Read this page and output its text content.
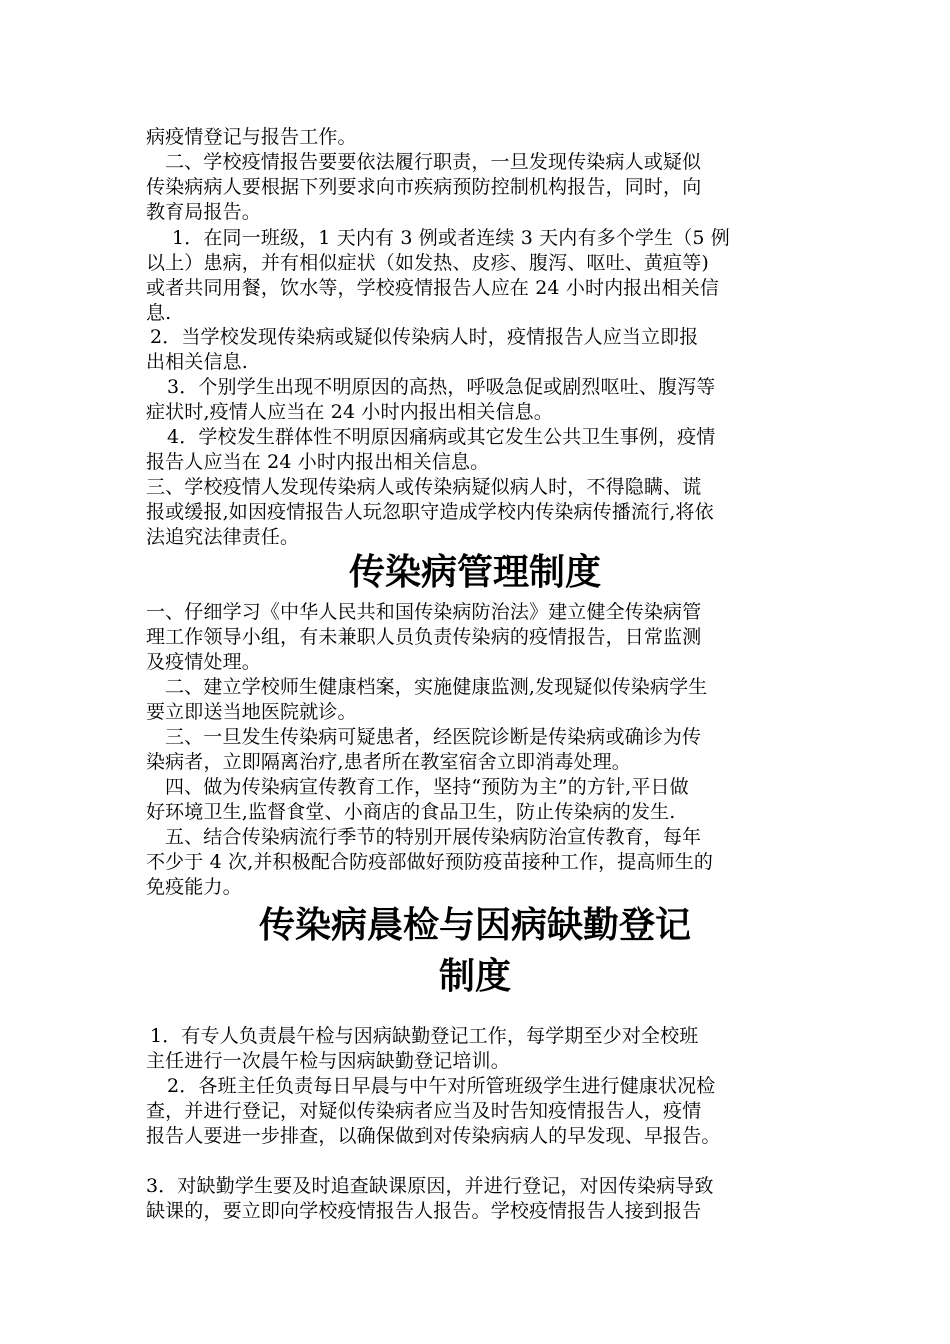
病疫情登记与报告工作。
二、学校疫情报告要要依法履行职责，一旦发现传染病人或疑似
传染病病人要根据下列要求向市疾病预防控制机构报告，同时，向
教育局报告。
1．在同一班级，1 天内有 3 例或者连续 3 天内有多个学生（5 例
以上）患病，并有相似症状（如发热、皮疹、腹泻、呕吐、黄疸等)
或者共同用餐，饮水等，学校疫情报告人应在 24 小时内报出相关信
息.
2．当学校发现传染病或疑似传染病人时，疫情报告人应当立即报
出相关信息.
3．个别学生出现不明原因的高热，呼吸急促或剧烈呕吐、腹泻等
症状时,疫情人应当在 24 小时内报出相关信息。
4．学校发生群体性不明原因痛病或其它发生公共卫生事例，疫情
报告人应当在 24 小时内报出相关信息。
三、学校疫情人发现传染病人或传染病疑似病人时，不得隐瞒、谎
报或缓报,如因疫情报告人玩忽职守造成学校内传染病传播流行,将依
法追究法律责任。
传染病管理制度
一、仔细学习《中华人民共和国传染病防治法》建立健全传染病管
理工作领导小组，有未兼职人员负责传染病的疫情报告，日常监测
及疫情处理。
二、建立学校师生健康档案，实施健康监测,发现疑似传染病学生
要立即送当地医院就诊。
三、一旦发生传染病可疑患者，经医院诊断是传染病或确诊为传
染病者，立即隔离治疗,患者所在教室宿舍立即消毒处理。
四、做为传染病宣传教育工作，坚持“预防为主”的方针,平日做
好环境卫生,监督食堂、小商店的食品卫生，防止传染病的发生.
五、结合传染病流行季节的特别开展传染病防治宣传教育，每年
不少于 4 次,并积极配合防疫部做好预防疫苗接种工作，提高师生的
免疫能力。
传染病晨检与因病缺勤登记
制度
1．有专人负责晨午检与因病缺勤登记工作，每学期至少对全校班
主任进行一次晨午检与因病缺勤登记培训。
2．各班主任负责每日早晨与中午对所管班级学生进行健康状况检
查，并进行登记，对疑似传染病者应当及时告知疫情报告人，疫情
报告人要进一步排查，以确保做到对传染病病人的早发现、早报告。
3．对缺勤学生要及时追查缺课原因，并进行登记，对因传染病导致
缺课的，要立即向学校疫情报告人报告。学校疫情报告人接到报告
